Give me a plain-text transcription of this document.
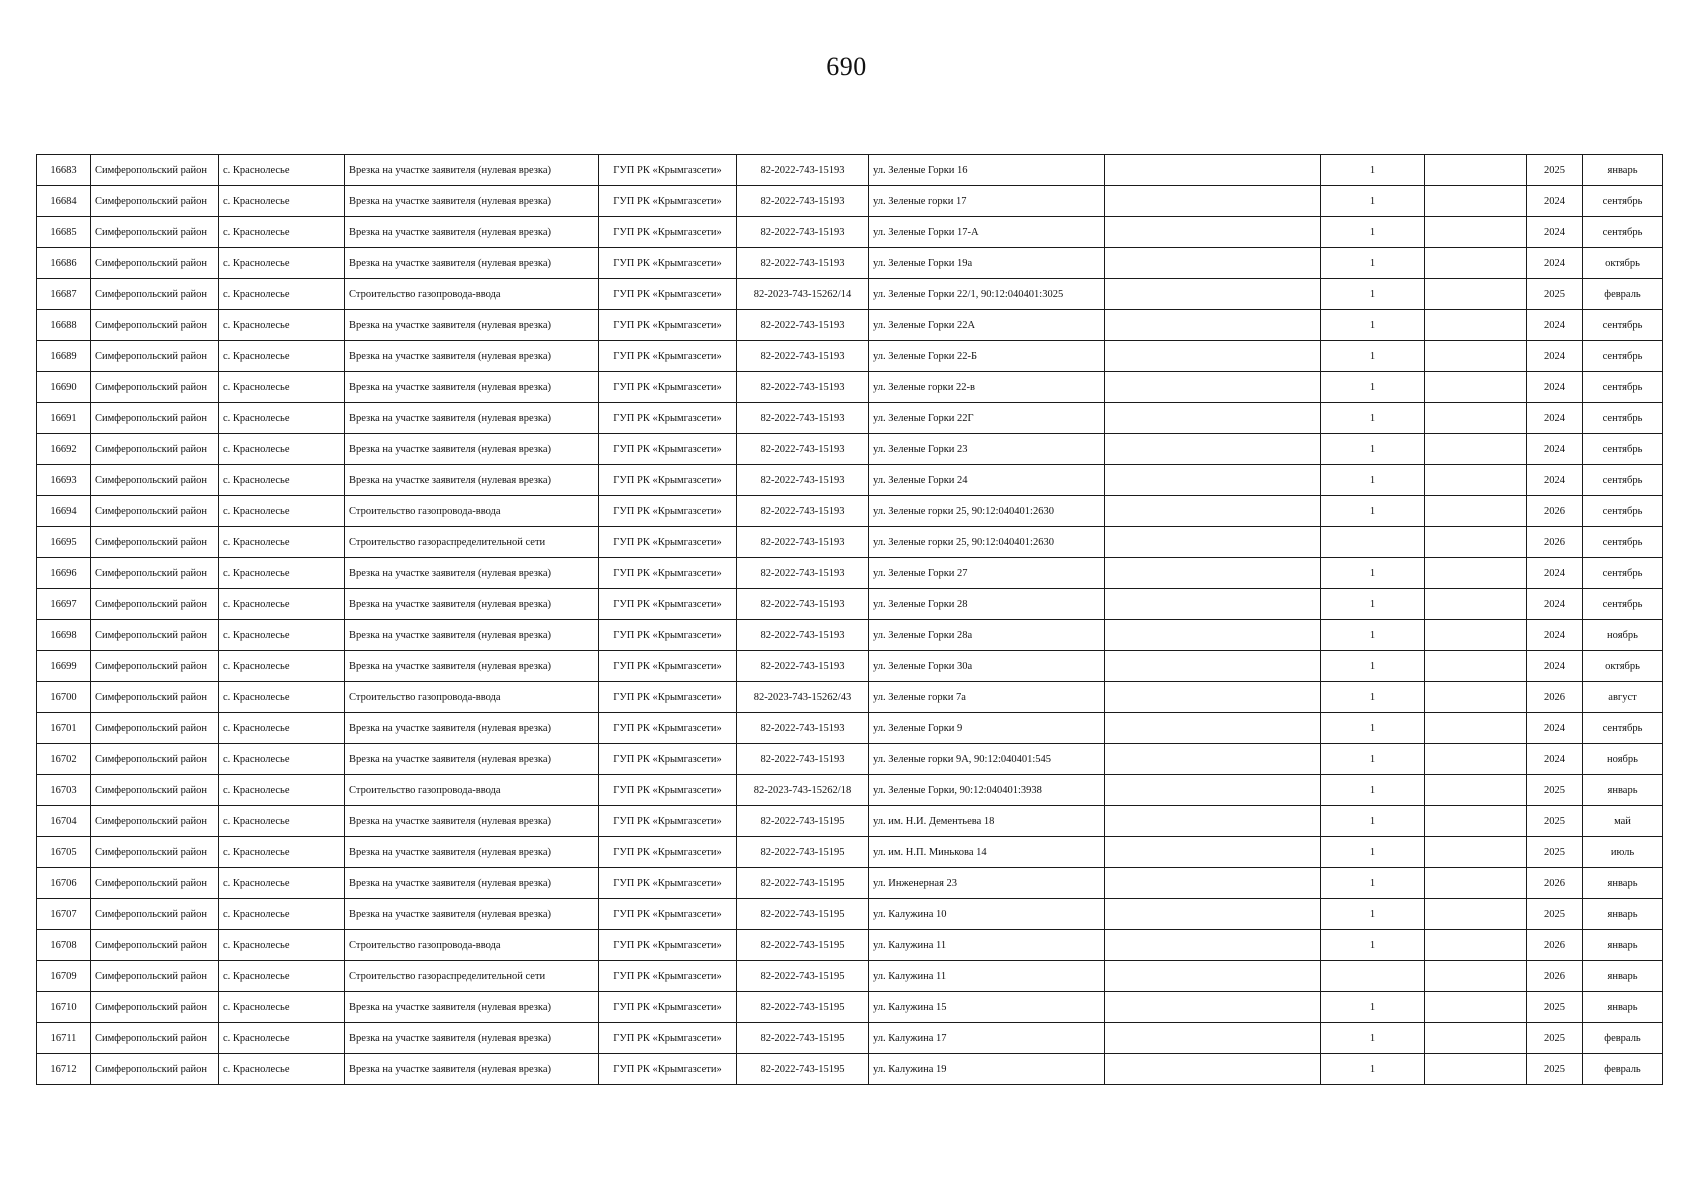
690
16683	Симферопольский район	с. Краснолесье	Врезка на участке заявителя (нулевая врезка)	ГУП РК «Крымгазсети»	82-2022-743-15193	ул. Зеленые Горки 16		1		2025	январь
16684	Симферопольский район	с. Краснолесье	Врезка на участке заявителя (нулевая врезка)	ГУП РК «Крымгазсети»	82-2022-743-15193	ул. Зеленые горки 17		1		2024	сентябрь
16685	Симферопольский район	с. Краснолесье	Врезка на участке заявителя (нулевая врезка)	ГУП РК «Крымгазсети»	82-2022-743-15193	ул. Зеленые Горки 17-А		1		2024	сентябрь
16686	Симферопольский район	с. Краснолесье	Врезка на участке заявителя (нулевая врезка)	ГУП РК «Крымгазсети»	82-2022-743-15193	ул. Зеленые Горки 19а		1		2024	октябрь
16687	Симферопольский район	с. Краснолесье	Строительство газопровода-ввода	ГУП РК «Крымгазсети»	82-2023-743-15262/14	ул. Зеленые Горки 22/1, 90:12:040401:3025		1		2025	февраль
16688	Симферопольский район	с. Краснолесье	Врезка на участке заявителя (нулевая врезка)	ГУП РК «Крымгазсети»	82-2022-743-15193	ул. Зеленые Горки 22А		1		2024	сентябрь
16689	Симферопольский район	с. Краснолесье	Врезка на участке заявителя (нулевая врезка)	ГУП РК «Крымгазсети»	82-2022-743-15193	ул. Зеленые Горки 22-Б		1		2024	сентябрь
16690	Симферопольский район	с. Краснолесье	Врезка на участке заявителя (нулевая врезка)	ГУП РК «Крымгазсети»	82-2022-743-15193	ул. Зеленые горки 22-в		1		2024	сентябрь
16691	Симферопольский район	с. Краснолесье	Врезка на участке заявителя (нулевая врезка)	ГУП РК «Крымгазсети»	82-2022-743-15193	ул. Зеленые Горки 22Г		1		2024	сентябрь
16692	Симферопольский район	с. Краснолесье	Врезка на участке заявителя (нулевая врезка)	ГУП РК «Крымгазсети»	82-2022-743-15193	ул. Зеленые Горки 23		1		2024	сентябрь
16693	Симферопольский район	с. Краснолесье	Врезка на участке заявителя (нулевая врезка)	ГУП РК «Крымгазсети»	82-2022-743-15193	ул. Зеленые Горки 24		1		2024	сентябрь
16694	Симферопольский район	с. Краснолесье	Строительство газопровода-ввода	ГУП РК «Крымгазсети»	82-2022-743-15193	ул. Зеленые горки 25, 90:12:040401:2630		1		2026	сентябрь
16695	Симферопольский район	с. Краснолесье	Строительство газораспределительной сети	ГУП РК «Крымгазсети»	82-2022-743-15193	ул. Зеленые горки 25, 90:12:040401:2630				2026	сентябрь
16696	Симферопольский район	с. Краснолесье	Врезка на участке заявителя (нулевая врезка)	ГУП РК «Крымгазсети»	82-2022-743-15193	ул. Зеленые Горки 27		1		2024	сентябрь
16697	Симферопольский район	с. Краснолесье	Врезка на участке заявителя (нулевая врезка)	ГУП РК «Крымгазсети»	82-2022-743-15193	ул. Зеленые Горки 28		1		2024	сентябрь
16698	Симферопольский район	с. Краснолесье	Врезка на участке заявителя (нулевая врезка)	ГУП РК «Крымгазсети»	82-2022-743-15193	ул. Зеленые Горки 28а		1		2024	ноябрь
16699	Симферопольский район	с. Краснолесье	Врезка на участке заявителя (нулевая врезка)	ГУП РК «Крымгазсети»	82-2022-743-15193	ул. Зеленые Горки 30а		1		2024	октябрь
16700	Симферопольский район	с. Краснолесье	Строительство газопровода-ввода	ГУП РК «Крымгазсети»	82-2023-743-15262/43	ул. Зеленые горки 7а		1		2026	август
16701	Симферопольский район	с. Краснолесье	Врезка на участке заявителя (нулевая врезка)	ГУП РК «Крымгазсети»	82-2022-743-15193	ул. Зеленые Горки 9		1		2024	сентябрь
16702	Симферопольский район	с. Краснолесье	Врезка на участке заявителя (нулевая врезка)	ГУП РК «Крымгазсети»	82-2022-743-15193	ул. Зеленые горки 9А, 90:12:040401:545		1		2024	ноябрь
16703	Симферопольский район	с. Краснолесье	Строительство газопровода-ввода	ГУП РК «Крымгазсети»	82-2023-743-15262/18	ул. Зеленые Горки, 90:12:040401:3938		1		2025	январь
16704	Симферопольский район	с. Краснолесье	Врезка на участке заявителя (нулевая врезка)	ГУП РК «Крымгазсети»	82-2022-743-15195	ул. им. Н.И. Дементьева 18		1		2025	май
16705	Симферопольский район	с. Краснолесье	Врезка на участке заявителя (нулевая врезка)	ГУП РК «Крымгазсети»	82-2022-743-15195	ул. им. Н.П. Минькова 14		1		2025	июль
16706	Симферопольский район	с. Краснолесье	Врезка на участке заявителя (нулевая врезка)	ГУП РК «Крымгазсети»	82-2022-743-15195	ул. Инженерная 23		1		2026	январь
16707	Симферопольский район	с. Краснолесье	Врезка на участке заявителя (нулевая врезка)	ГУП РК «Крымгазсети»	82-2022-743-15195	ул. Калужина 10		1		2025	январь
16708	Симферопольский район	с. Краснолесье	Строительство газопровода-ввода	ГУП РК «Крымгазсети»	82-2022-743-15195	ул. Калужина 11		1		2026	январь
16709	Симферопольский район	с. Краснолесье	Строительство газораспределительной сети	ГУП РК «Крымгазсети»	82-2022-743-15195	ул. Калужина 11				2026	январь
16710	Симферопольский район	с. Краснолесье	Врезка на участке заявителя (нулевая врезка)	ГУП РК «Крымгазсети»	82-2022-743-15195	ул. Калужина 15		1		2025	январь
16711	Симферопольский район	с. Краснолесье	Врезка на участке заявителя (нулевая врезка)	ГУП РК «Крымгазсети»	82-2022-743-15195	ул. Калужина 17		1		2025	февраль
16712	Симферопольский район	с. Краснолесье	Врезка на участке заявителя (нулевая врезка)	ГУП РК «Крымгазсети»	82-2022-743-15195	ул. Калужина 19		1		2025	февраль
